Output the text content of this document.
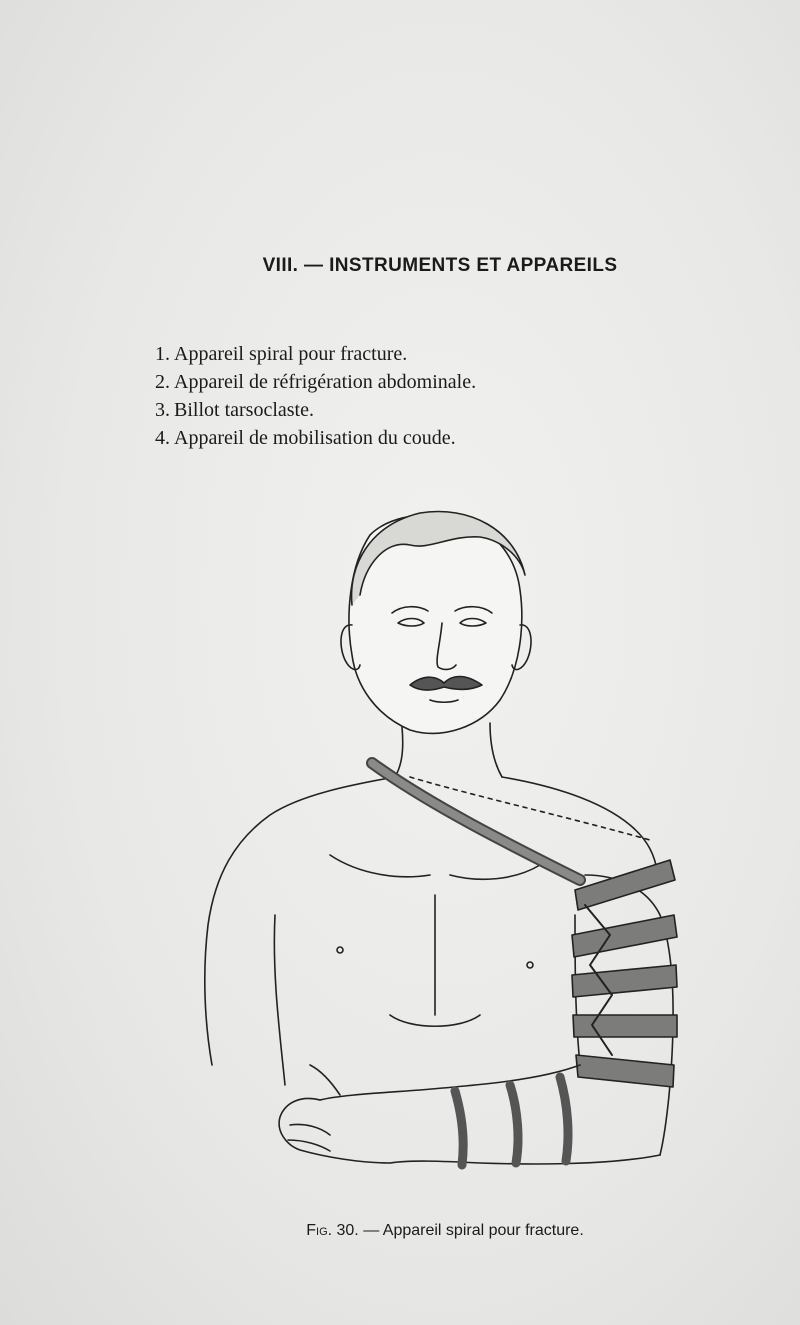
VIII. — INSTRUMENTS ET APPAREILS
1. Appareil spiral pour fracture.
2. Appareil de réfrigération abdominale.
3. Billot tarsoclaste.
4. Appareil de mobilisation du coude.
Fig. 30. — Appareil spiral pour fracture.
